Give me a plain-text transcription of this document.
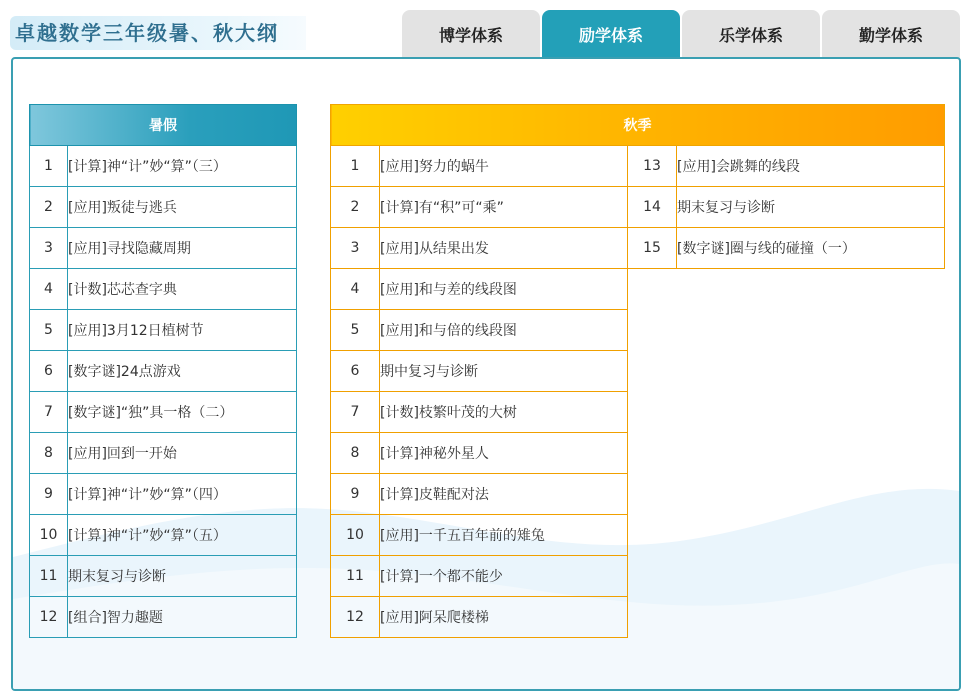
卓越数学三年级暑、秋大纲	博学体系	励学体系	乐学体系	勤学体系
暑假	
1	[计算]神“计”妙“算”（三）
2	[应用]叛徒与逃兵
3	[应用]寻找隐藏周期
4	[计数]芯芯查字典
5	[应用]3月12日植树节
6	[数字谜]24点游戏
7	[数字谜]“独”具一格（二）
8	[应用]回到一开始
9	[计算]神“计”妙“算”（四）
10	[计算]神“计”妙“算”（五）
11	期末复习与诊断
12	[组合]智力趣题
秋季			
1	[应用]努力的蜗牛	13	[应用]会跳舞的线段
2	[计算]有“积”可“乘”	14	期末复习与诊断
3	[应用]从结果出发	15	[数字谜]圈与线的碰撞（一）
4	[应用]和与差的线段图		
5	[应用]和与倍的线段图		
6	期中复习与诊断		
7	[计数]枝繁叶茂的大树		
8	[计算]神秘外星人		
9	[计算]皮鞋配对法		
10	[应用]一千五百年前的雉兔		
11	[计算]一个都不能少		
12	[应用]阿呆爬楼梯		
